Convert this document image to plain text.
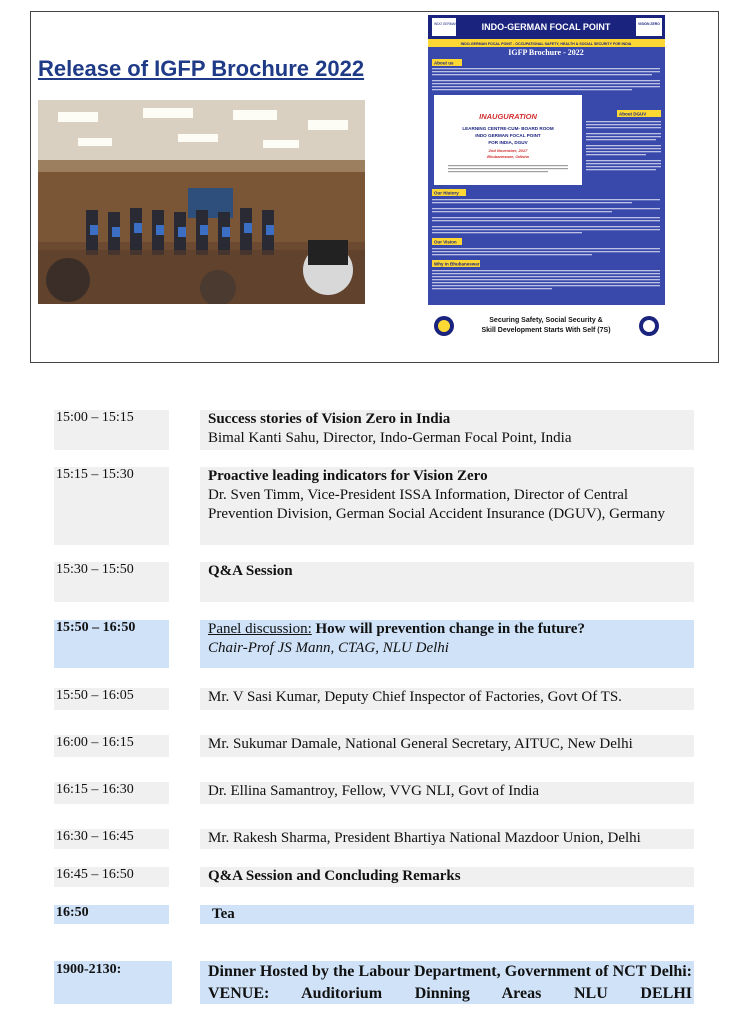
Release of IGFP Brochure 2022
INDO GERMAN FOCAL POINT	VISION ZERO
INDO-GERMAN FOCAL POINT
INDO-GERMAN FOCAL POINT - OCCUPATIONAL SAFETY, HEALTH & SOCIAL SECURITY FOR INDIA
IGFP Brochure - 2022
About us
INAUGURATION
LEARNING CENTRE-CUM- BOARD ROOM
INDO GERMAN FOCAL POINT
FOR INDIA, DGUV
2nd November, 2017
Bhubaneswar, Odisha
About DGUV
Our History
Our Vision
Why in Bhubaneswar
Securing Safety, Social Security &
Skill Development Starts With Self (7S)
15:00 – 15:15	Success stories of Vision Zero in India
Bimal Kanti Sahu, Director, Indo-German Focal Point, India
15:15 – 15:30	Proactive leading indicators for Vision Zero
Dr. Sven Timm, Vice-President ISSA Information, Director of Central Prevention Division, German Social Accident Insurance (DGUV), Germany
15:30 – 15:50	Q&A Session
15:50 – 16:50	Panel discussion: How will prevention change in the future?
Chair-Prof JS Mann, CTAG, NLU Delhi
15:50 – 16:05	Mr. V Sasi Kumar, Deputy Chief Inspector of Factories, Govt Of TS.
16:00 – 16:15	Mr. Sukumar Damale, National General Secretary, AITUC, New Delhi
16:15 – 16:30	Dr. Ellina Samantroy, Fellow, VVG NLI, Govt of India
16:30 – 16:45	Mr. Rakesh Sharma, President Bhartiya National Mazdoor Union, Delhi
16:45 – 16:50	Q&A Session and Concluding Remarks
16:50	Tea
1900-2130:	Dinner Hosted by the Labour Department, Government of NCT Delhi: VENUE: Auditorium Dinning Areas NLU DELHI
